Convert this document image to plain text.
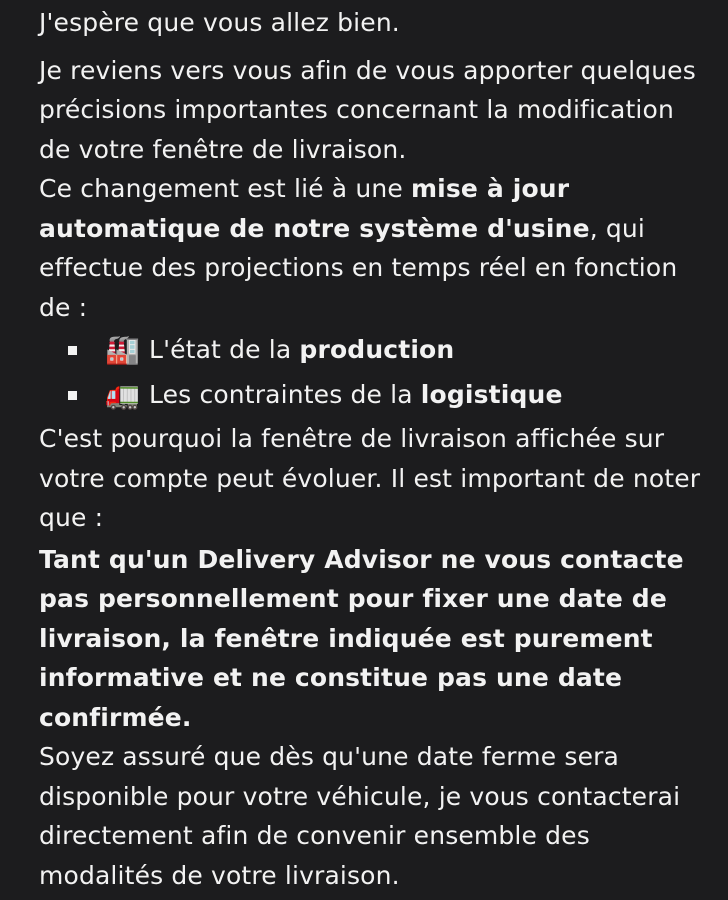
J'espère que vous allez bien.

Je reviens vers vous afin de vous apporter quelques précisions importantes concernant la modification de votre fenêtre de livraison.

Ce changement est lié à une mise à jour automatique de notre système d'usine, qui effectue des projections en temps réel en fonction de :

🏭 L'état de la production
🚛 Les contraintes de la logistique

C'est pourquoi la fenêtre de livraison affichée sur votre compte peut évoluer. Il est important de noter que :

Tant qu'un Delivery Advisor ne vous contacte pas personnellement pour fixer une date de livraison, la fenêtre indiquée est purement informative et ne constitue pas une date confirmée.

Soyez assuré que dès qu'une date ferme sera disponible pour votre véhicule, je vous contacterai directement afin de convenir ensemble des modalités de votre livraison.
